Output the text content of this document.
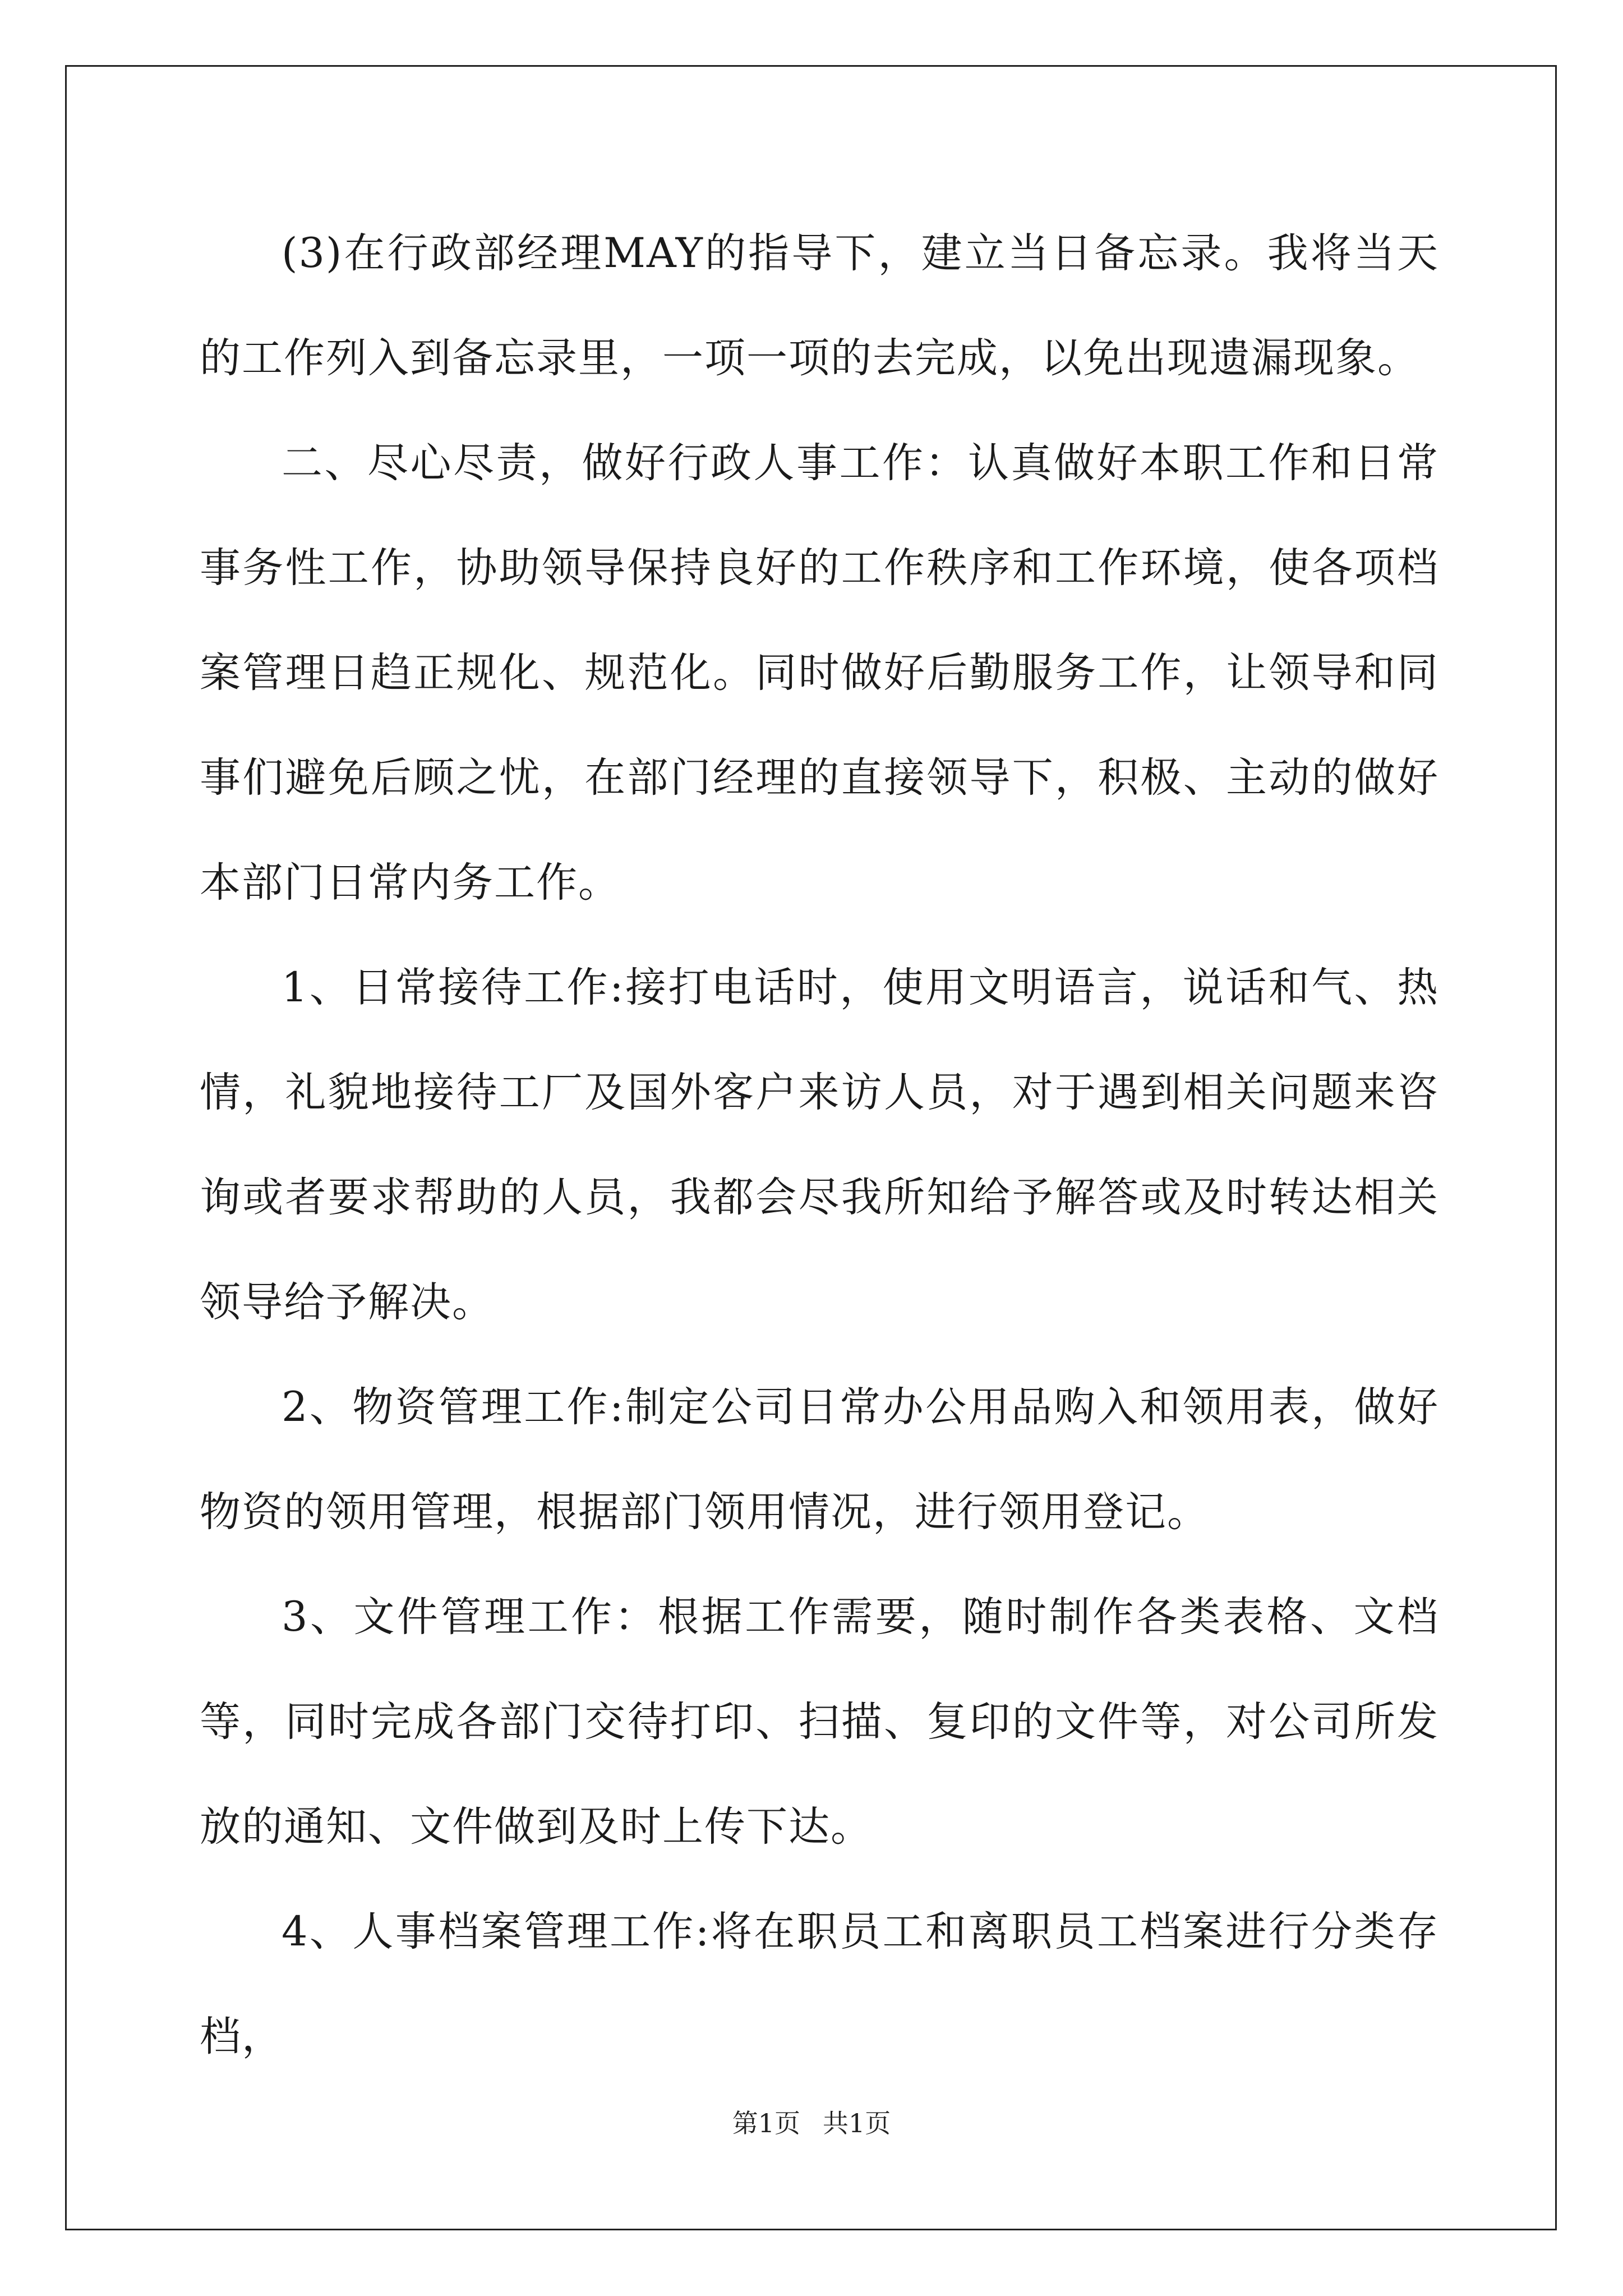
(3)在行政部经理MAY的指导下，建立当日备忘录。我将当天的工作列入到备忘录里，一项一项的去完成，以免出现遗漏现象。

二、尽心尽责，做好行政人事工作：认真做好本职工作和日常事务性工作，协助领导保持良好的工作秩序和工作环境，使各项档案管理日趋正规化、规范化。同时做好后勤服务工作，让领导和同事们避免后顾之忧，在部门经理的直接领导下，积极、主动的做好本部门日常内务工作。

1、日常接待工作:接打电话时，使用文明语言，说话和气、热情，礼貌地接待工厂及国外客户来访人员，对于遇到相关问题来咨询或者要求帮助的人员，我都会尽我所知给予解答或及时转达相关领导给予解决。

2、物资管理工作:制定公司日常办公用品购入和领用表，做好物资的领用管理，根据部门领用情况，进行领用登记。

3、文件管理工作：根据工作需要，随时制作各类表格、文档等，同时完成各部门交待打印、扫描、复印的文件等，对公司所发放的通知、文件做到及时上传下达。

4、人事档案管理工作:将在职员工和离职员工档案进行分类存档，

第1页 共1页
